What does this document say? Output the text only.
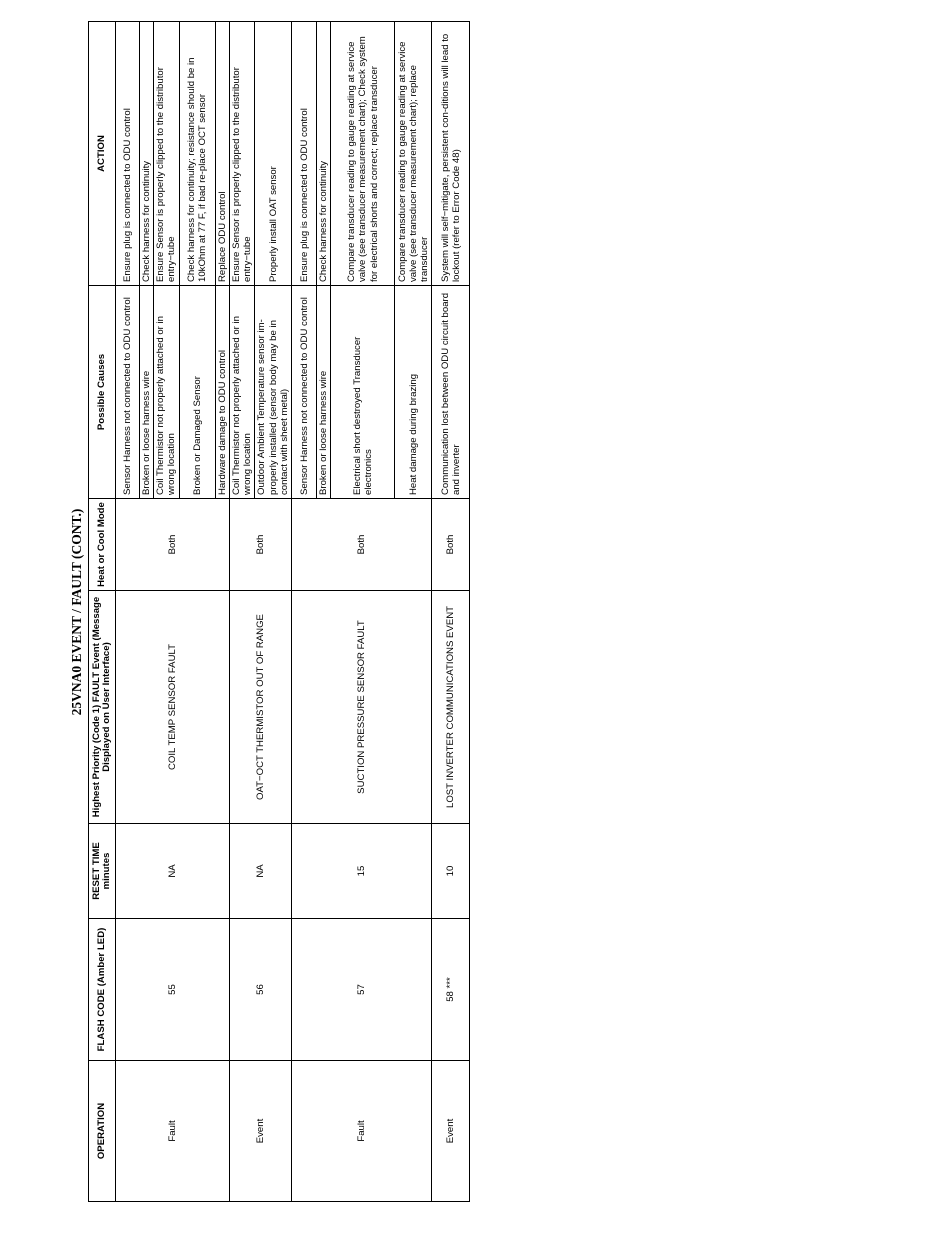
25VNA0 EVENT / FAULT (CONT.)
OPERATION	FLASH CODE (Amber LED)	RESET TIME minutes	Highest Priority (Code 1) FAULT Event (Message Displayed on User Interface)	Heat or Cool Mode	Possible Causes	ACTION
Fault	55	NA	COIL TEMP SENSOR FAULT	Both	Sensor Harness not connected to ODU control	Ensure plug is connected to ODU control
					Broken or loose harness wire	Check harness for continuity
					Coil Thermistor not properly attached or in wrong location	Ensure Sensor is properly clipped to the distributor entry−tube
					Broken or Damaged Sensor	Check harness for continuity; resistance should be in 10kOhm at 77 F, if bad re-place OCT sensor
					Hardware damage to ODU control	Replace ODU control
Event	56	NA	OAT−OCT THERMISTOR OUT OF RANGE	Both	Coil Thermistor not properly attached or in wrong location	Ensure Sensor is properly clipped to the distributor entry−tube
					Outdoor Ambient Temperature sensor im-properly installed (sensor body may be in contact with sheet metal)	Properly install OAT sensor
Fault	57	15	SUCTION PRESSURE SENSOR FAULT	Both	Sensor Harness not connected to ODU control	Ensure plug is connected to ODU control
					Broken or loose harness wire	Check harness for continuity
					Electrical short destroyed Transducer electronics	Compare transducer reading to gauge reading at service valve (see transducer measurement chart); Check system for electrical shorts and correct; replace transducer
					Heat damage during brazing	Compare transducer reading to gauge reading at service valve (see transducer measurement chart); replace transducer
Event	58 ***	10	LOST INVERTER COMMUNICATIONS EVENT	Both	Communication lost between ODU circuit board and inverter	System will self−mitigate, persistent con-ditions will lead to lockout (refer to Error Code 48)
